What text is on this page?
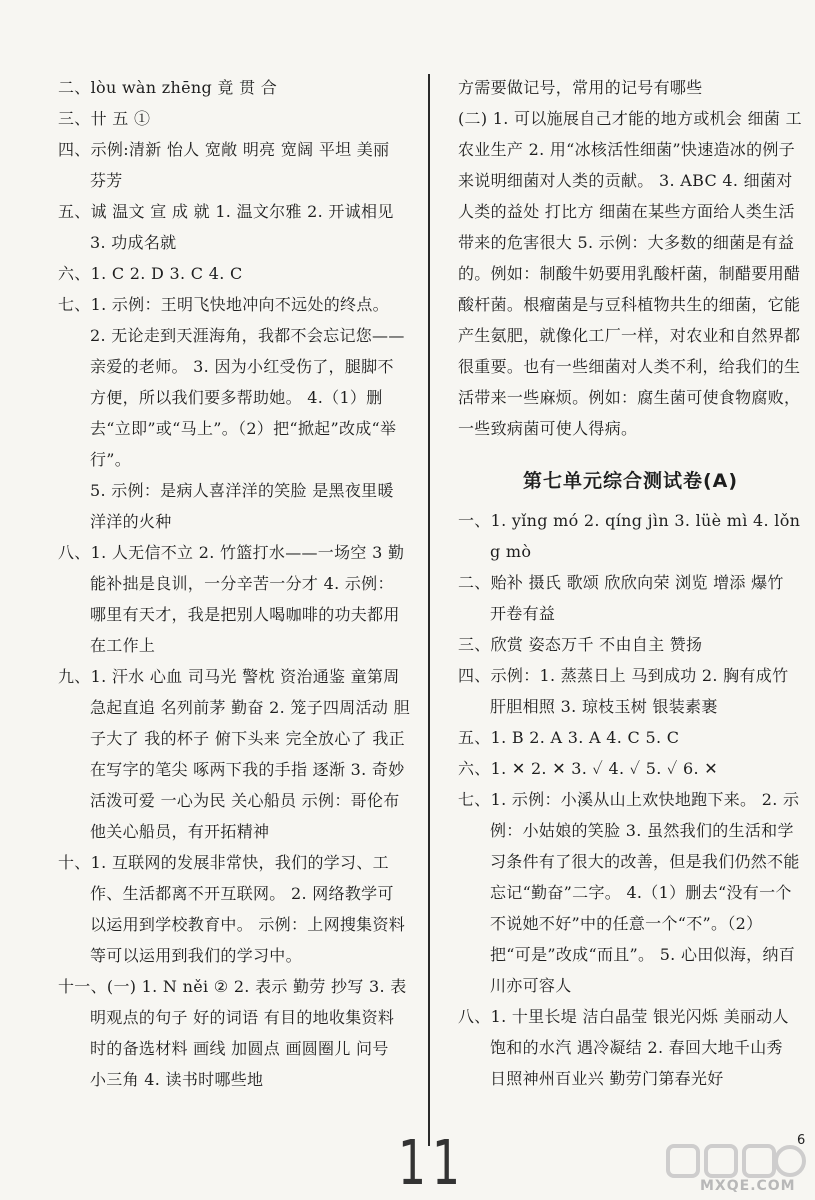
二、lòu wàn zhēng 竟 贯 合

三、卄 五 ①

四、示例:清新 怡人 宽敞 明亮 宽阔 平坦 美丽 芬芳

五、诚 温文 宣 成 就 1. 温文尔雅 2. 开诚相见 3. 功成名就

六、1. C 2. D 3. C 4. C

七、1. 示例：王明飞快地冲向不远处的终点。

2. 无论走到天涯海角，我都不会忘记您——亲爱的老师。 3. 因为小红受伤了，腿脚不方便，所以我们要多帮助她。 4.（1）删去“立即”或“马上”。（2）把“掀起”改成“举行”。

5. 示例：是病人喜洋洋的笑脸 是黑夜里暖洋洋的火种

八、1. 人无信不立 2. 竹篮打水——一场空 3 勤能补拙是良训，一分辛苦一分才 4. 示例：哪里有天才，我是把别人喝咖啡的功夫都用在工作上

九、1. 汗水 心血 司马光 警枕 资治通鉴 童第周 急起直追 名列前茅 勤奋 2. 笼子四周活动 胆子大了 我的杯子 俯下头来 完全放心了 我正在写字的笔尖 啄两下我的手指 逐渐 3. 奇妙 活泼可爱 一心为民 关心船员 示例：哥伦布 他关心船员，有开拓精神

十、1. 互联网的发展非常快，我们的学习、工作、生活都离不开互联网。 2. 网络教学可以运用到学校教育中。 示例：上网搜集资料等可以运用到我们的学习中。

十一、(一) 1. N něi ② 2. 表示 勤劳 抄写 3. 表明观点的句子 好的词语 有目的地收集资料时的备选材料 画线 加圆点 画圆圈儿 问号 小三角 4. 读书时哪些地

方需要做记号，常用的记号有哪些

(二) 1. 可以施展自己才能的地方或机会 细菌 工农业生产 2. 用“冰核活性细菌”快速造冰的例子来说明细菌对人类的贡献。 3. ABC 4. 细菌对人类的益处 打比方 细菌在某些方面给人类生活带来的危害很大 5. 示例：大多数的细菌是有益的。例如：制酸牛奶要用乳酸杆菌，制醋要用醋酸杆菌。根瘤菌是与豆科植物共生的细菌，它能产生氨肥，就像化工厂一样，对农业和自然界都很重要。也有一些细菌对人类不利，给我们的生活带来一些麻烦。例如：腐生菌可使食物腐败，一些致病菌可使人得病。

第七单元综合测试卷(A)

一、1. yǐng mó 2. qíng jìn 3. lüè mì 4. lǒng mò

二、贻补 摄氏 歌颂 欣欣向荣 浏览 增添 爆竹 开卷有益

三、欣赏 姿态万千 不由自主 赞扬

四、示例：1. 蒸蒸日上 马到成功 2. 胸有成竹 肝胆相照 3. 琼枝玉树 银装素裹

五、1. B 2. A 3. A 4. C 5. C

六、1. ✕ 2. ✕ 3. ✓ 4. ✓ 5. ✓ 6. ✕

七、1. 示例：小溪从山上欢快地跑下来。 2. 示例：小姑娘的笑脸 3. 虽然我们的生活和学习条件有了很大的改善，但是我们仍然不能忘记“勤奋”二字。 4.（1）删去“没有一个不说她不好”中的任意一个“不”。（2）把“可是”改成“而且”。 5. 心田似海，纳百川亦可容人

八、1. 十里长堤 洁白晶莹 银光闪烁 美丽动人 饱和的水汽 遇冷凝结 2. 春回大地千山秀 日照神州百业兴 勤劳门第春光好

11	6
MXQE.COM
